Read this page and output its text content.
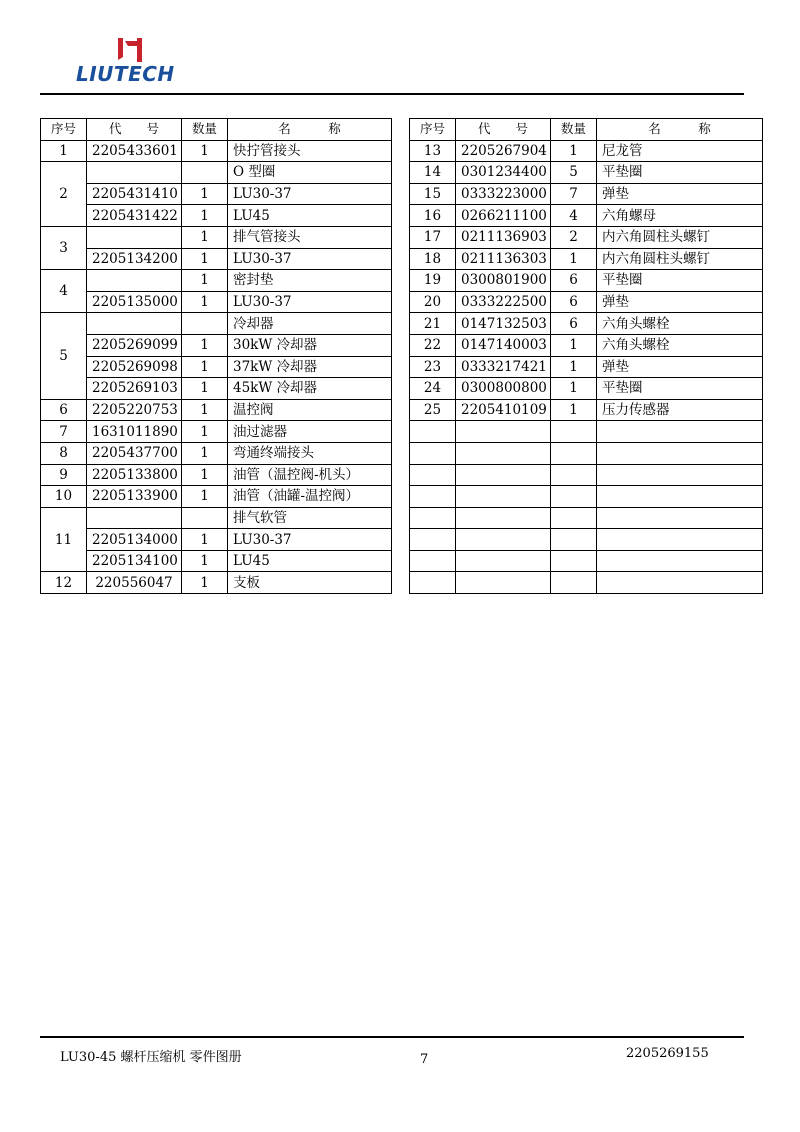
LIUTECH
序号	代　　号	数量	名　　　称
1	2205433601	1	快拧管接头
2			O 型圈
	2205431410	1	LU30-37
	2205431422	1	LU45
3		1	排气管接头
	2205134200	1	LU30-37
4		1	密封垫
	2205135000	1	LU30-37
5			冷却器
	2205269099	1	30kW 冷却器
	2205269098	1	37kW 冷却器
	2205269103	1	45kW 冷却器
6	2205220753	1	温控阀
7	1631011890	1	油过滤器
8	2205437700	1	弯通终端接头
9	2205133800	1	油管（温控阀-机头）
10	2205133900	1	油管（油罐-温控阀）
11			排气软管
	2205134000	1	LU30-37
	2205134100	1	LU45
12	220556047	1	支板
序号	代　　号	数量	名　　　称
13	2205267904	1	尼龙管
14	0301234400	5	平垫圈
15	0333223000	7	弹垫
16	0266211100	4	六角螺母
17	0211136903	2	内六角圆柱头螺钉
18	0211136303	1	内六角圆柱头螺钉
19	0300801900	6	平垫圈
20	0333222500	6	弹垫
21	0147132503	6	六角头螺栓
22	0147140003	1	六角头螺栓
23	0333217421	1	弹垫
24	0300800800	1	平垫圈
25	2205410109	1	压力传感器

LU30-45 螺杆压缩机 零件图册	7	2205269155
